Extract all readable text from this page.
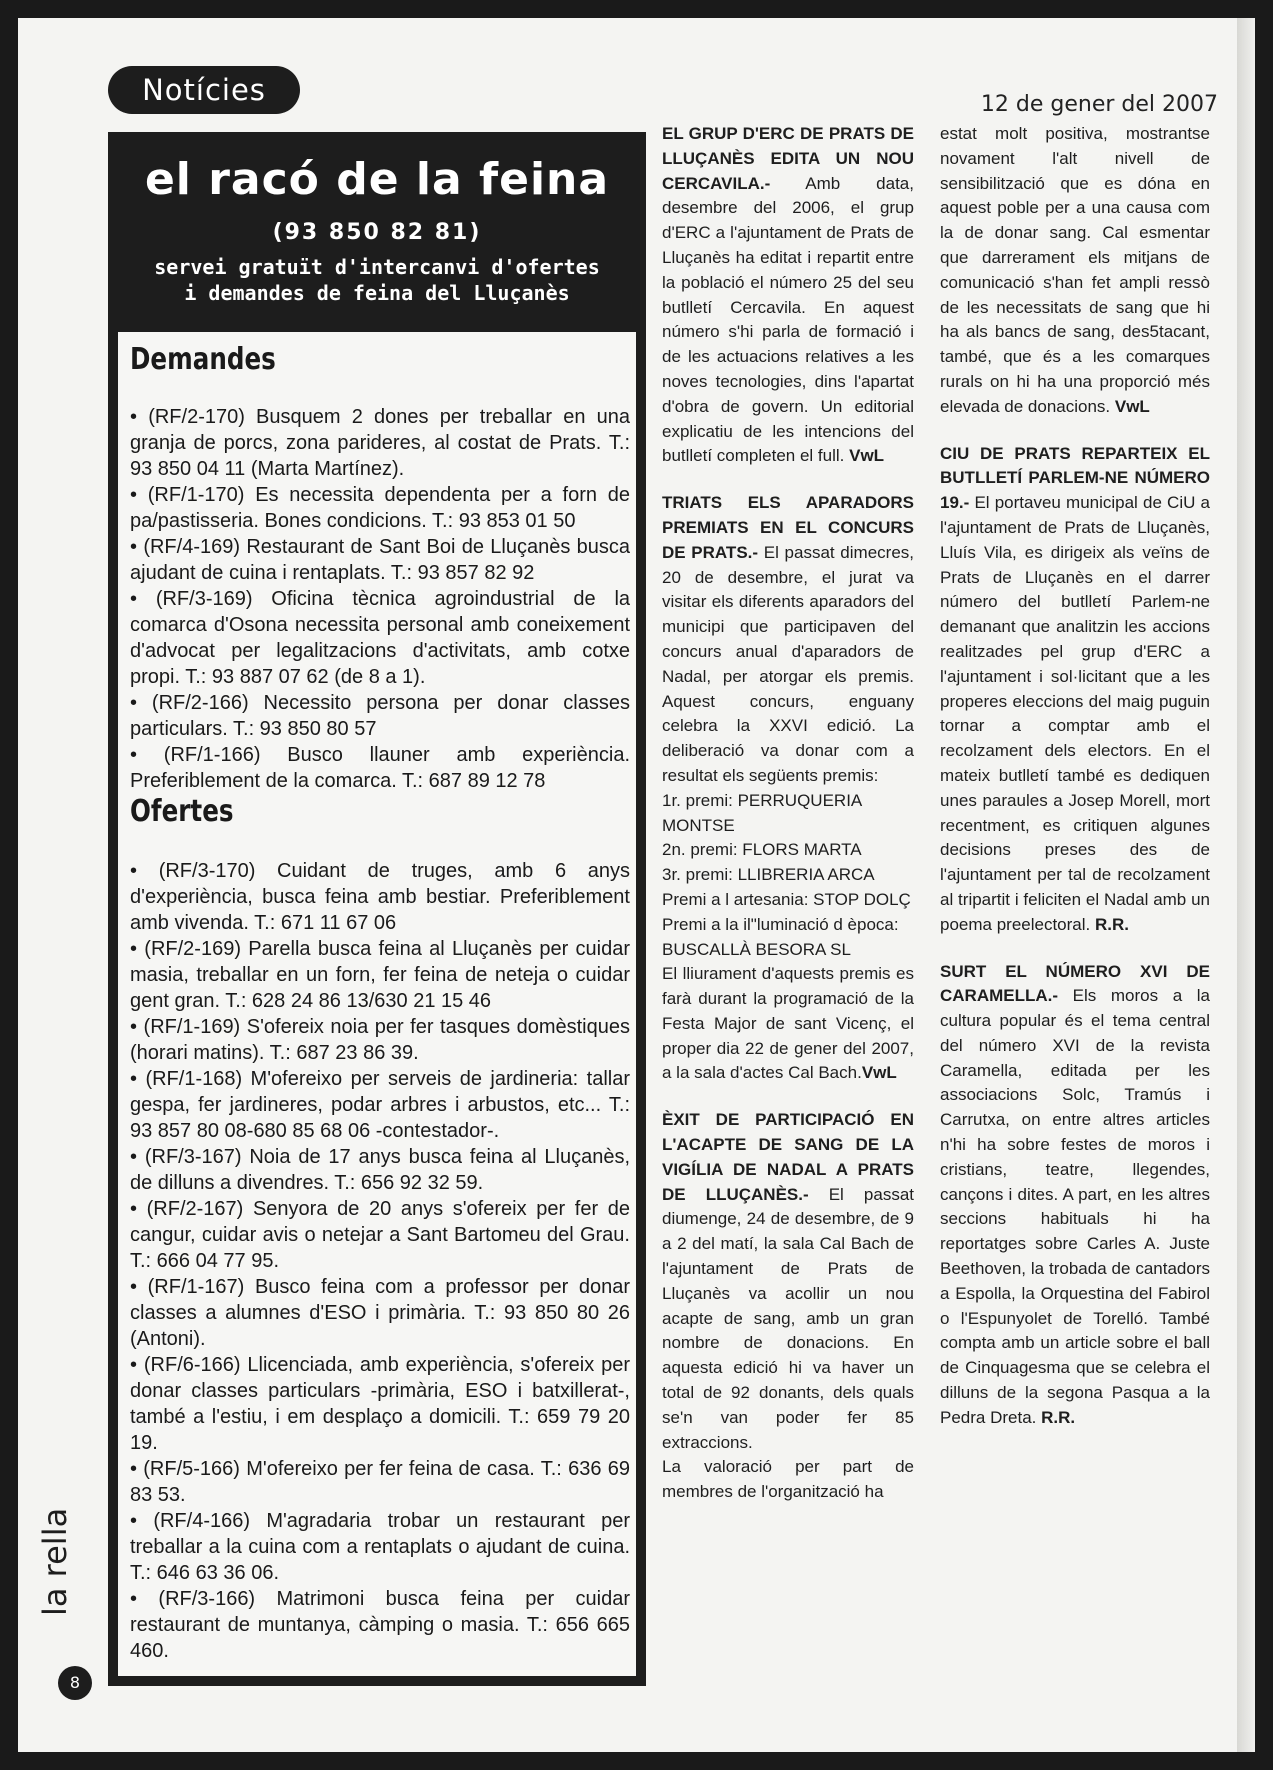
Notícies	12 de gener del 2007
el racó de la feina
(93 850 82 81)
servei gratuït d'intercanvi d'ofertes i demandes de feina del Lluçanès
Demandes
• (RF/2-170) Busquem 2 dones per treballar en una granja de porcs, zona parideres, al costat de Prats. T.: 93 850 04 11 (Marta Martínez).
• (RF/1-170) Es necessita dependenta per a forn de pa/pastisseria. Bones condicions. T.: 93 853 01 50
• (RF/4-169) Restaurant de Sant Boi de Lluçanès busca ajudant de cuina i rentaplats. T.: 93 857 82 92
• (RF/3-169) Oficina tècnica agroindustrial de la comarca d'Osona necessita personal amb coneixement d'advocat per legalitzacions d'activitats, amb cotxe propi. T.: 93 887 07 62 (de 8 a 1).
• (RF/2-166) Necessito persona per donar classes particulars. T.: 93 850 80 57
• (RF/1-166) Busco llauner amb experiència. Preferiblement de la comarca. T.: 687 89 12 78
Ofertes
• (RF/3-170) Cuidant de truges, amb 6 anys d'experiència, busca feina amb bestiar. Preferiblement amb vivenda. T.: 671 11 67 06
• (RF/2-169) Parella busca feina al Lluçanès per cuidar masia, treballar en un forn, fer feina de neteja o cuidar gent gran. T.: 628 24 86 13/630 21 15 46
• (RF/1-169) S'ofereix noia per fer tasques domèstiques (horari matins). T.: 687 23 86 39.
• (RF/1-168) M'ofereixo per serveis de jardineria: tallar gespa, fer jardineres, podar arbres i arbustos, etc... T.: 93 857 80 08-680 85 68 06 -contestador-.
• (RF/3-167) Noia de 17 anys busca feina al Lluçanès, de dilluns a divendres. T.: 656 92 32 59.
• (RF/2-167) Senyora de 20 anys s'ofereix per fer de cangur, cuidar avis o netejar a Sant Bartomeu del Grau. T.: 666 04 77 95.
• (RF/1-167) Busco feina com a professor per donar classes a alumnes d'ESO i primària. T.: 93 850 80 26 (Antoni).
• (RF/6-166) Llicenciada, amb experiència, s'ofereix per donar classes particulars -primària, ESO i batxillerat-, també a l'estiu, i em desplaço a domicili. T.: 659 79 20 19.
• (RF/5-166) M'ofereixo per fer feina de casa. T.: 636 69 83 53.
• (RF/4-166) M'agradaria trobar un restaurant per treballar a la cuina com a rentaplats o ajudant de cuina. T.: 646 63 36 06.
• (RF/3-166) Matrimoni busca feina per cuidar restaurant de muntanya, càmping o masia. T.: 656 665 460.

EL GRUP D'ERC DE PRATS DE LLUÇANÈS EDITA UN NOU CERCAVILA.- Amb data, desembre del 2006, el grup d'ERC a l'ajuntament de Prats de Lluçanès ha editat i repartit entre la població el número 25 del seu butlletí Cercavila. En aquest número s'hi parla de formació i de les actuacions relatives a les noves tecnologies, dins l'apartat d'obra de govern. Un editorial explicatiu de les intencions del butlletí completen el full. VwL

TRIATS ELS APARADORS PREMIATS EN EL CONCURS DE PRATS.- El passat dimecres, 20 de desembre, el jurat va visitar els diferents aparadors del municipi que participaven del concurs anual d'aparadors de Nadal, per atorgar els premis. Aquest concurs, enguany celebra la XXVI edició. La deliberació va donar com a resultat els següents premis:

1r. premi: PERRUQUERIA MONTSE
2n. premi: FLORS MARTA
3r. premi: LLIBRERIA ARCA
Premi a l artesania: STOP DOLÇ
Premi a la il"luminació d època: BUSCALLÀ BESORA SL

El lliurament d'aquests premis es farà durant la programació de la Festa Major de sant Vicenç, el proper dia 22 de gener del 2007, a la sala d'actes Cal Bach.VwL

ÈXIT DE PARTICIPACIÓ EN L'ACAPTE DE SANG DE LA VIGÍLIA DE NADAL A PRATS DE LLUÇANÈS.- El passat diumenge, 24 de desembre, de 9 a 2 del matí, la sala Cal Bach de l'ajuntament de Prats de Lluçanès va acollir un nou acapte de sang, amb un gran nombre de donacions. En aquesta edició hi va haver un total de 92 donants, dels quals se'n van poder fer 85 extraccions.

La valoració per part de membres de l'organització ha

estat molt positiva, mostrantse novament l'alt nivell de sensibilització que es dóna en aquest poble per a una causa com la de donar sang. Cal esmentar que darrerament els mitjans de comunicació s'han fet ampli ressò de les necessitats de sang que hi ha als bancs de sang, des5tacant, també, que és a les comarques rurals on hi ha una proporció més elevada de donacions. VwL

CIU DE PRATS REPARTEIX EL BUTLLETÍ PARLEM-NE NÚMERO 19.- El portaveu municipal de CiU a l'ajuntament de Prats de Lluçanès, Lluís Vila, es dirigeix als veïns de Prats de Lluçanès en el darrer número del butlletí Parlem-ne demanant que analitzin les accions realitzades pel grup d'ERC a l'ajuntament i sol·licitant que a les properes eleccions del maig puguin tornar a comptar amb el recolzament dels electors. En el mateix butlletí també es dediquen unes paraules a Josep Morell, mort recentment, es critiquen algunes decisions preses des de l'ajuntament per tal de recolzament al tripartit i feliciten el Nadal amb un poema preelectoral. R.R.

SURT EL NÚMERO XVI DE CARAMELLA.- Els moros a la cultura popular és el tema central del número XVI de la revista Caramella, editada per les associacions Solc, Tramús i Carrutxa, on entre altres articles n'hi ha sobre festes de moros i cristians, teatre, llegendes, cançons i dites. A part, en les altres seccions habituals hi ha reportatges sobre Carles A. Juste Beethoven, la trobada de cantadors a Espolla, la Orquestina del Fabirol o l'Espunyolet de Torelló. També compta amb un article sobre el ball de Cinquagesma que se celebra el dilluns de la segona Pasqua a la Pedra Dreta. R.R.

la rella
8
